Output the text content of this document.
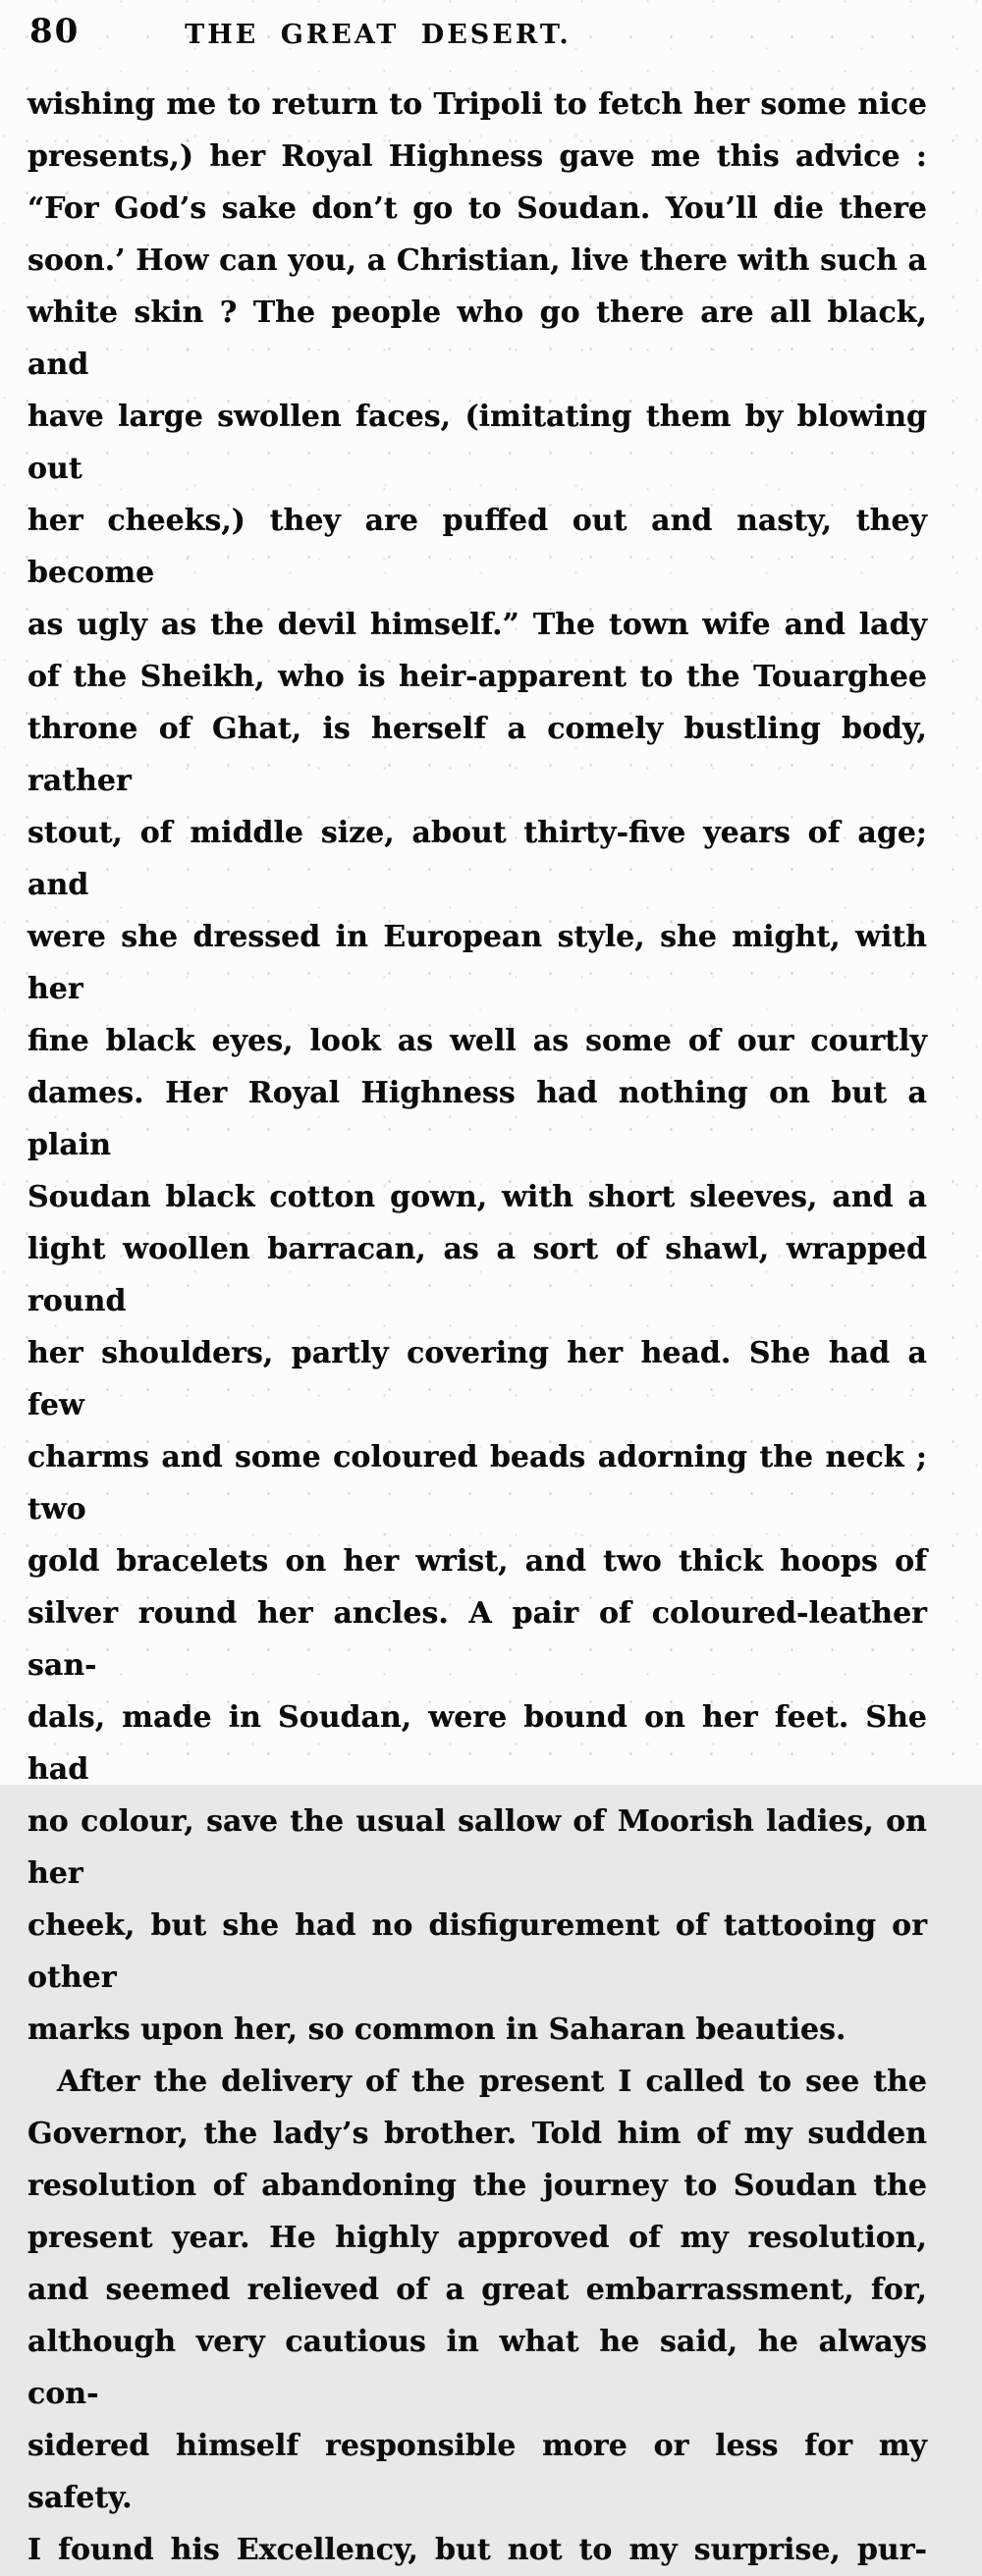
80	THE GREAT DESERT.
wishing me to return to Tripoli to fetch her some nice
presents,) her Royal Highness gave me this advice :
“For God’s sake don’t go to Soudan. You’ll die there
soon.’ How can you, a Christian, live there with such a
white skin ? The people who go there are all black, and
have large swollen faces, (imitating them by blowing out
her cheeks,) they are puffed out and nasty, they become
as ugly as the devil himself.” The town wife and lady
of the Sheikh, who is heir-apparent to the Touarghee
throne of Ghat, is herself a comely bustling body, rather
stout, of middle size, about thirty-five years of age; and
were she dressed in European style, she might, with her
fine black eyes, look as well as some of our courtly
dames. Her Royal Highness had nothing on but a plain
Soudan black cotton gown, with short sleeves, and a
light woollen barracan, as a sort of shawl, wrapped round
her shoulders, partly covering her head. She had a few
charms and some coloured beads adorning the neck ; two
gold bracelets on her wrist, and two thick hoops of
silver round her ancles. A pair of coloured-leather san-
dals, made in Soudan, were bound on her feet. She had
no colour, save the usual sallow of Moorish ladies, on her
cheek, but she had no disfigurement of tattooing or other
marks upon her, so common in Saharan beauties.
After the delivery of the present I called to see the
Governor, the lady’s brother. Told him of my sudden
resolution of abandoning the journey to Soudan the
present year. He highly approved of my resolution,
and seemed relieved of a great embarrassment, for,
although very cautious in what he said, he always con-
sidered himself responsible more or less for my safety.
I found his Excellency, but not to my surprise, pur-
